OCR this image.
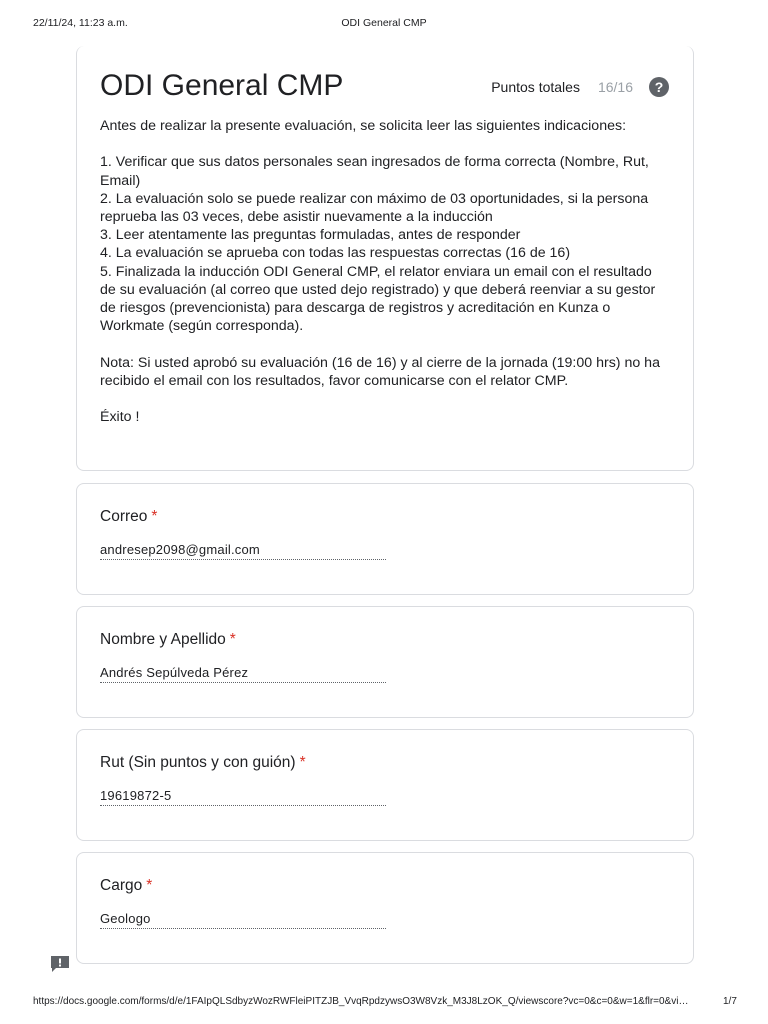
22/11/24, 11:23 a.m.	ODI General CMP
ODI General CMP	Puntos totales 16/16	?

Antes de realizar la presente evaluación, se solicita leer las siguientes indicaciones:

1. Verificar que sus datos personales sean ingresados de forma correcta (Nombre, Rut, Email)

2. La evaluación solo se puede realizar con máximo de 03 oportunidades, si la persona reprueba las 03 veces, debe asistir nuevamente a la inducción

3. Leer atentamente las preguntas formuladas, antes de responder

4. La evaluación se aprueba con todas las respuestas correctas (16 de 16)

5. Finalizada la inducción ODI General CMP, el relator enviara un email con el resultado de su evaluación (al correo que usted dejo registrado) y que deberá reenviar a su gestor de riesgos (prevencionista) para descarga de registros y acreditación en Kunza o Workmate (según corresponda).

Nota: Si usted aprobó su evaluación (16 de 16) y al cierre de la jornada (19:00 hrs) no ha recibido el email con los resultados, favor comunicarse con el relator CMP.

Éxito !

Correo *
andresep2098@gmail.com
Nombre y Apellido *
Andrés Sepúlveda Pérez
Rut (Sin puntos y con guión) *
19619872-5
Cargo *
Geologo
https://docs.google.com/forms/d/e/1FAIpQLSdbyzWozRWFleiPITZJB_VvqRpdzywsO3W8Vzk_M3J8LzOK_Q/viewscore?vc=0&c=0&w=1&flr=0&vi…	1/7
